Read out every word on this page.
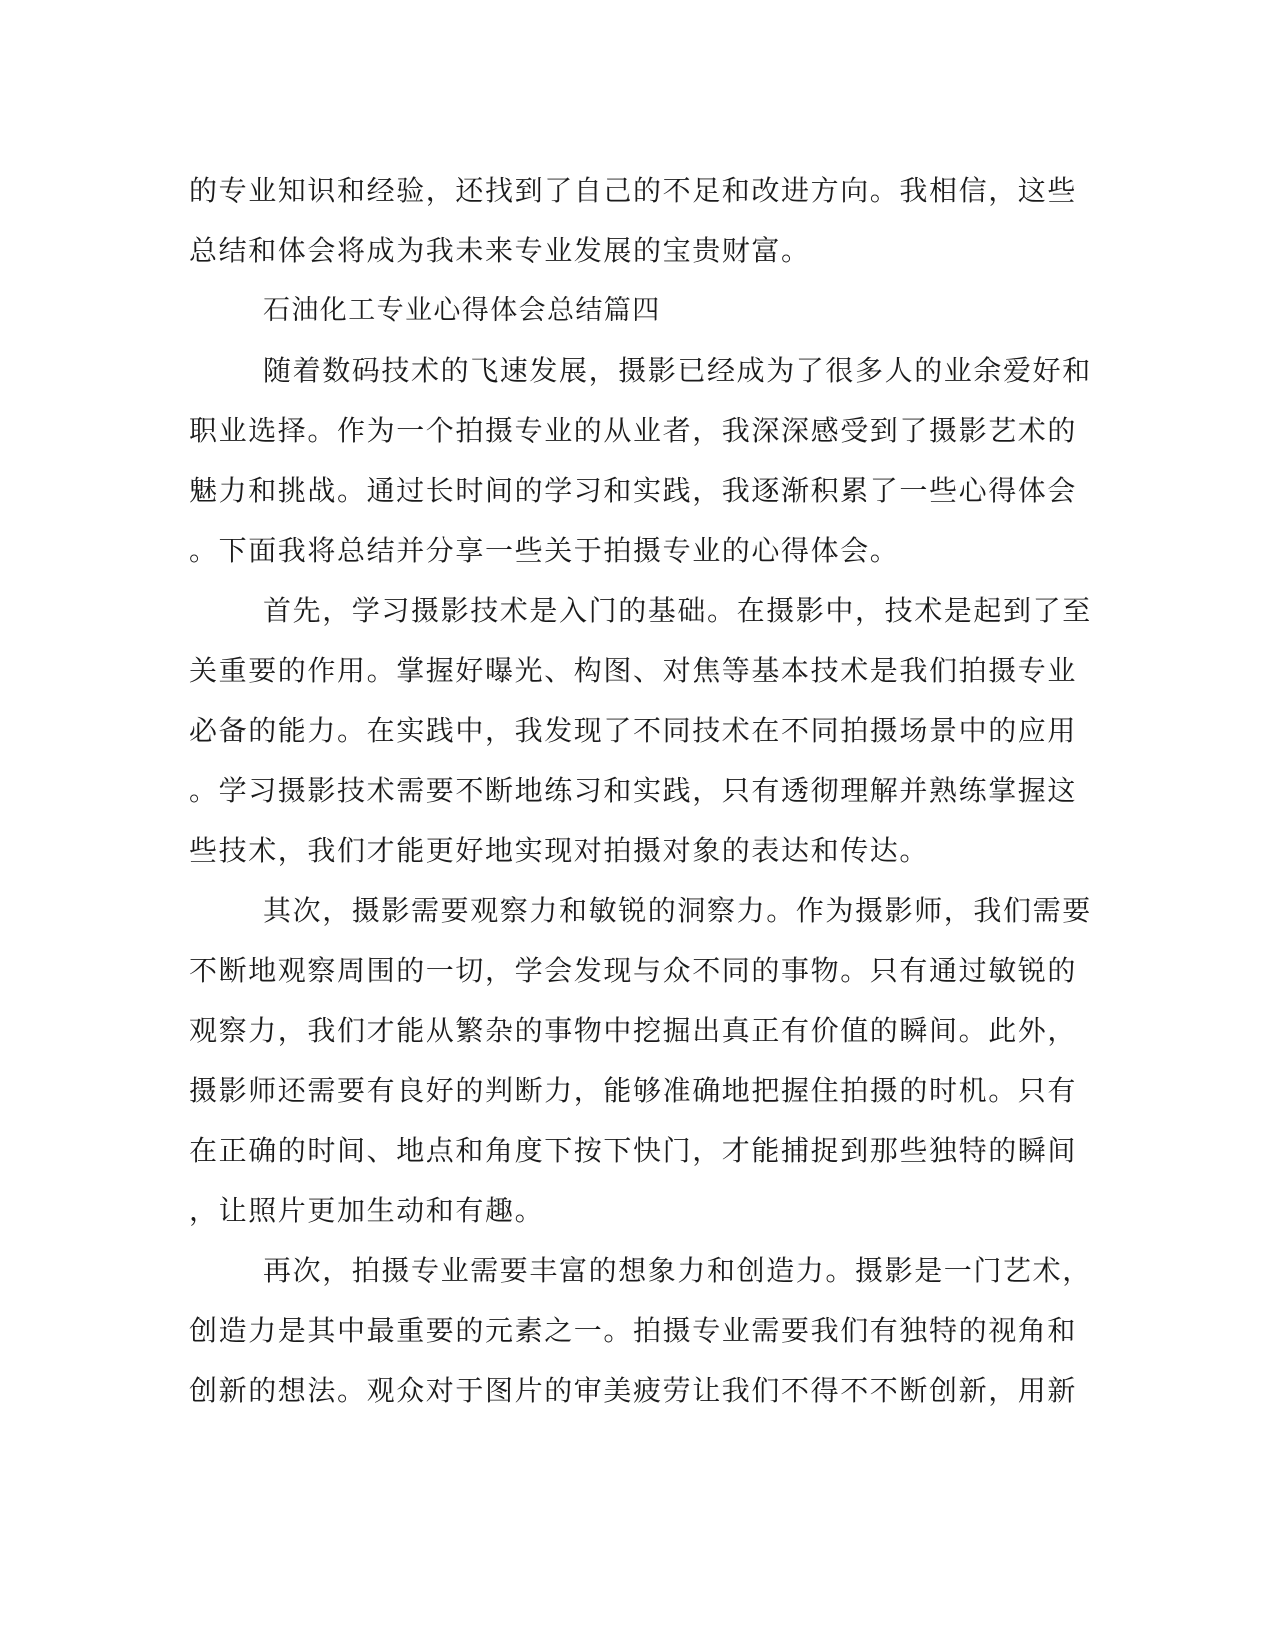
的专业知识和经验，还找到了自己的不足和改进方向。我相信，这些
总结和体会将成为我未来专业发展的宝贵财富。
石油化工专业心得体会总结篇四
随着数码技术的飞速发展，摄影已经成为了很多人的业余爱好和
职业选择。作为一个拍摄专业的从业者，我深深感受到了摄影艺术的
魅力和挑战。通过长时间的学习和实践，我逐渐积累了一些心得体会
。下面我将总结并分享一些关于拍摄专业的心得体会。
首先，学习摄影技术是入门的基础。在摄影中，技术是起到了至
关重要的作用。掌握好曝光、构图、对焦等基本技术是我们拍摄专业
必备的能力。在实践中，我发现了不同技术在不同拍摄场景中的应用
。学习摄影技术需要不断地练习和实践，只有透彻理解并熟练掌握这
些技术，我们才能更好地实现对拍摄对象的表达和传达。
其次，摄影需要观察力和敏锐的洞察力。作为摄影师，我们需要
不断地观察周围的一切，学会发现与众不同的事物。只有通过敏锐的
观察力，我们才能从繁杂的事物中挖掘出真正有价值的瞬间。此外，
摄影师还需要有良好的判断力，能够准确地把握住拍摄的时机。只有
在正确的时间、地点和角度下按下快门，才能捕捉到那些独特的瞬间
，让照片更加生动和有趣。
再次，拍摄专业需要丰富的想象力和创造力。摄影是一门艺术，
创造力是其中最重要的元素之一。拍摄专业需要我们有独特的视角和
创新的想法。观众对于图片的审美疲劳让我们不得不不断创新，用新
